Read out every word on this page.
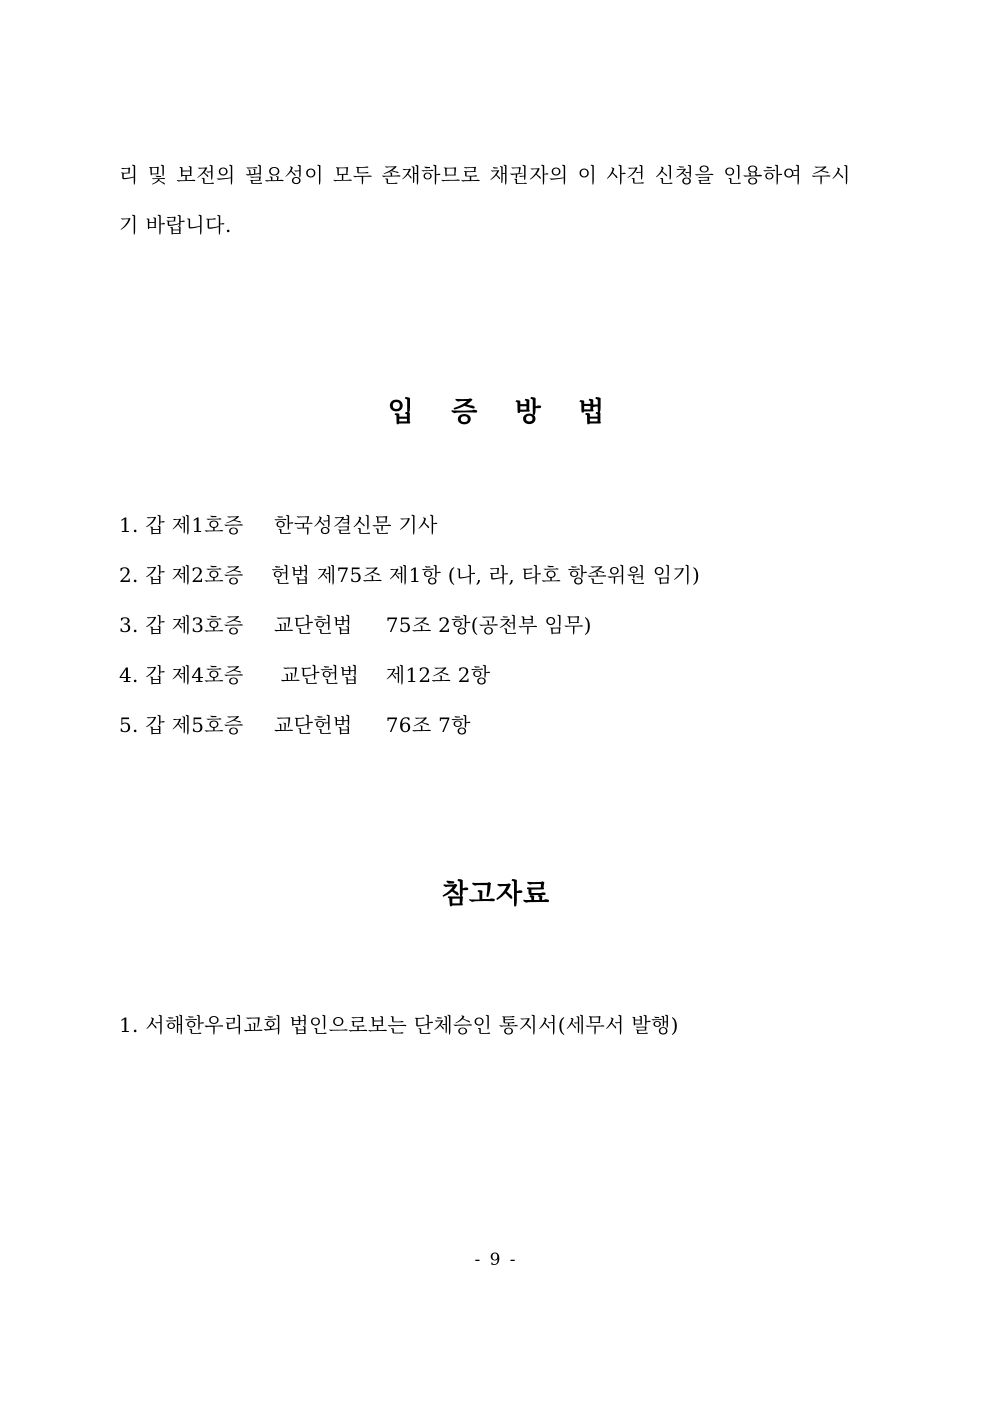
리 및 보전의 필요성이 모두 존재하므로 채권자의 이 사건 신청을 인용하여 주시
기 바랍니다.
입 증 방 법
1. 갑 제1호증 한국성결신문 기사
2. 갑 제2호증 헌법 제75조 제1항 (나, 라, 타호 항존위원 임기)
3. 갑 제3호증 교단헌법     75조 2항(공천부 임무)
4. 갑 제4호증 교단헌법    제12조 2항
5. 갑 제5호증 교단헌법     76조 7항
참고자료
1. 서해한우리교회 법인으로보는 단체승인 통지서(세무서 발행)
- 9 -
